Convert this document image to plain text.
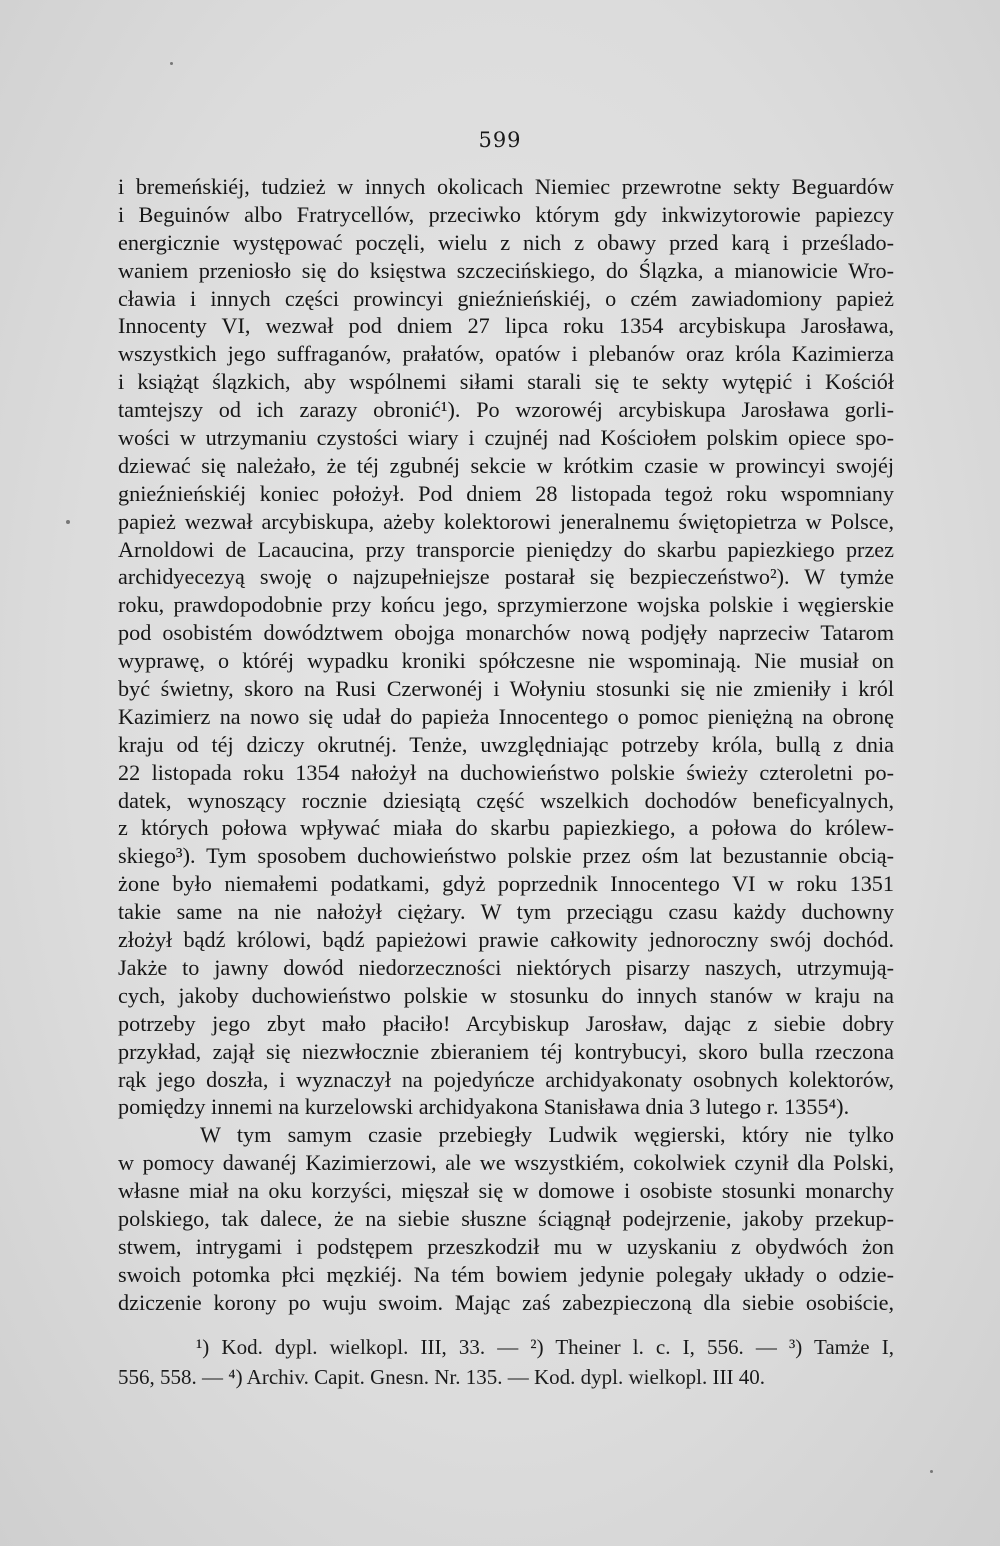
599
i bremeńskiéj, tudzież w innych okolicach Niemiec przewrotne sekty Beguardów
i Beguinów albo Fratrycellów, przeciwko którym gdy inkwizytorowie papiezcy
energicznie występować poczęli, wielu z nich z obawy przed karą i prześlado-
waniem przeniosło się do księstwa szczecińskiego, do Ślązka, a mianowicie Wro-
cławia i innych części prowincyi gnieźnieńskiéj, o czém zawiadomiony papież
Innocenty VI, wezwał pod dniem 27 lipca roku 1354 arcybiskupa Jarosława,
wszystkich jego suffraganów, prałatów, opatów i plebanów oraz króla Kazimierza
i książąt ślązkich, aby wspólnemi siłami starali się te sekty wytępić i Kościół
tamtejszy od ich zarazy obronić¹). Po wzorowéj arcybiskupa Jarosława gorli-
wości w utrzymaniu czystości wiary i czujnéj nad Kościołem polskim opiece spo-
dziewać się należało, że téj zgubnéj sekcie w krótkim czasie w prowincyi swojéj
gnieźnieńskiéj koniec położył. Pod dniem 28 listopada tegoż roku wspomniany
papież wezwał arcybiskupa, ażeby kolektorowi jeneralnemu świętopietrza w Polsce,
Arnoldowi de Lacaucina, przy transporcie pieniędzy do skarbu papiezkiego przez
archidyecezyą swoję o najzupełniejsze postarał się bezpieczeństwo²). W tymże
roku, prawdopodobnie przy końcu jego, sprzymierzone wojska polskie i węgierskie
pod osobistém dowództwem obojga monarchów nową podjęły naprzeciw Tatarom
wyprawę, o któréj wypadku kroniki spółczesne nie wspominają. Nie musiał on
być świetny, skoro na Rusi Czerwonéj i Wołyniu stosunki się nie zmieniły i król
Kazimierz na nowo się udał do papieża Innocentego o pomoc pieniężną na obronę
kraju od téj dziczy okrutnéj. Tenże, uwzględniając potrzeby króla, bullą z dnia
22 listopada roku 1354 nałożył na duchowieństwo polskie świeży czteroletni po-
datek, wynoszący rocznie dziesiątą część wszelkich dochodów beneficyalnych,
z których połowa wpływać miała do skarbu papiezkiego, a połowa do królew-
skiego³). Tym sposobem duchowieństwo polskie przez ośm lat bezustannie obcią-
żone było niemałemi podatkami, gdyż poprzednik Innocentego VI w roku 1351
takie same na nie nałożył ciężary. W tym przeciągu czasu każdy duchowny
złożył bądź królowi, bądź papieżowi prawie całkowity jednoroczny swój dochód.
Jakże to jawny dowód niedorzeczności niektórych pisarzy naszych, utrzymują-
cych, jakoby duchowieństwo polskie w stosunku do innych stanów w kraju na
potrzeby jego zbyt mało płaciło! Arcybiskup Jarosław, dając z siebie dobry
przykład, zajął się niezwłocznie zbieraniem téj kontrybucyi, skoro bulla rzeczona
rąk jego doszła, i wyznaczył na pojedyńcze archidyakonaty osobnych kolektorów,
pomiędzy innemi na kurzelowski archidyakona Stanisława dnia 3 lutego r. 1355⁴).
W tym samym czasie przebiegły Ludwik węgierski, który nie tylko
w pomocy dawanéj Kazimierzowi, ale we wszystkiém, cokolwiek czynił dla Polski,
własne miał na oku korzyści, mięszał się w domowe i osobiste stosunki monarchy
polskiego, tak dalece, że na siebie słuszne ściągnął podejrzenie, jakoby przekup-
stwem, intrygami i podstępem przeszkodził mu w uzyskaniu z obydwóch żon
swoich potomka płci męzkiéj. Na tém bowiem jedynie polegały układy o odzie-
dziczenie korony po wuju swoim. Mając zaś zabezpieczoną dla siebie osobiście,
¹) Kod. dypl. wielkopl. III, 33. — ²) Theiner l. c. I, 556. — ³) Tamże I,
556, 558. — ⁴) Archiv. Capit. Gnesn. Nr. 135. — Kod. dypl. wielkopl. III 40.
